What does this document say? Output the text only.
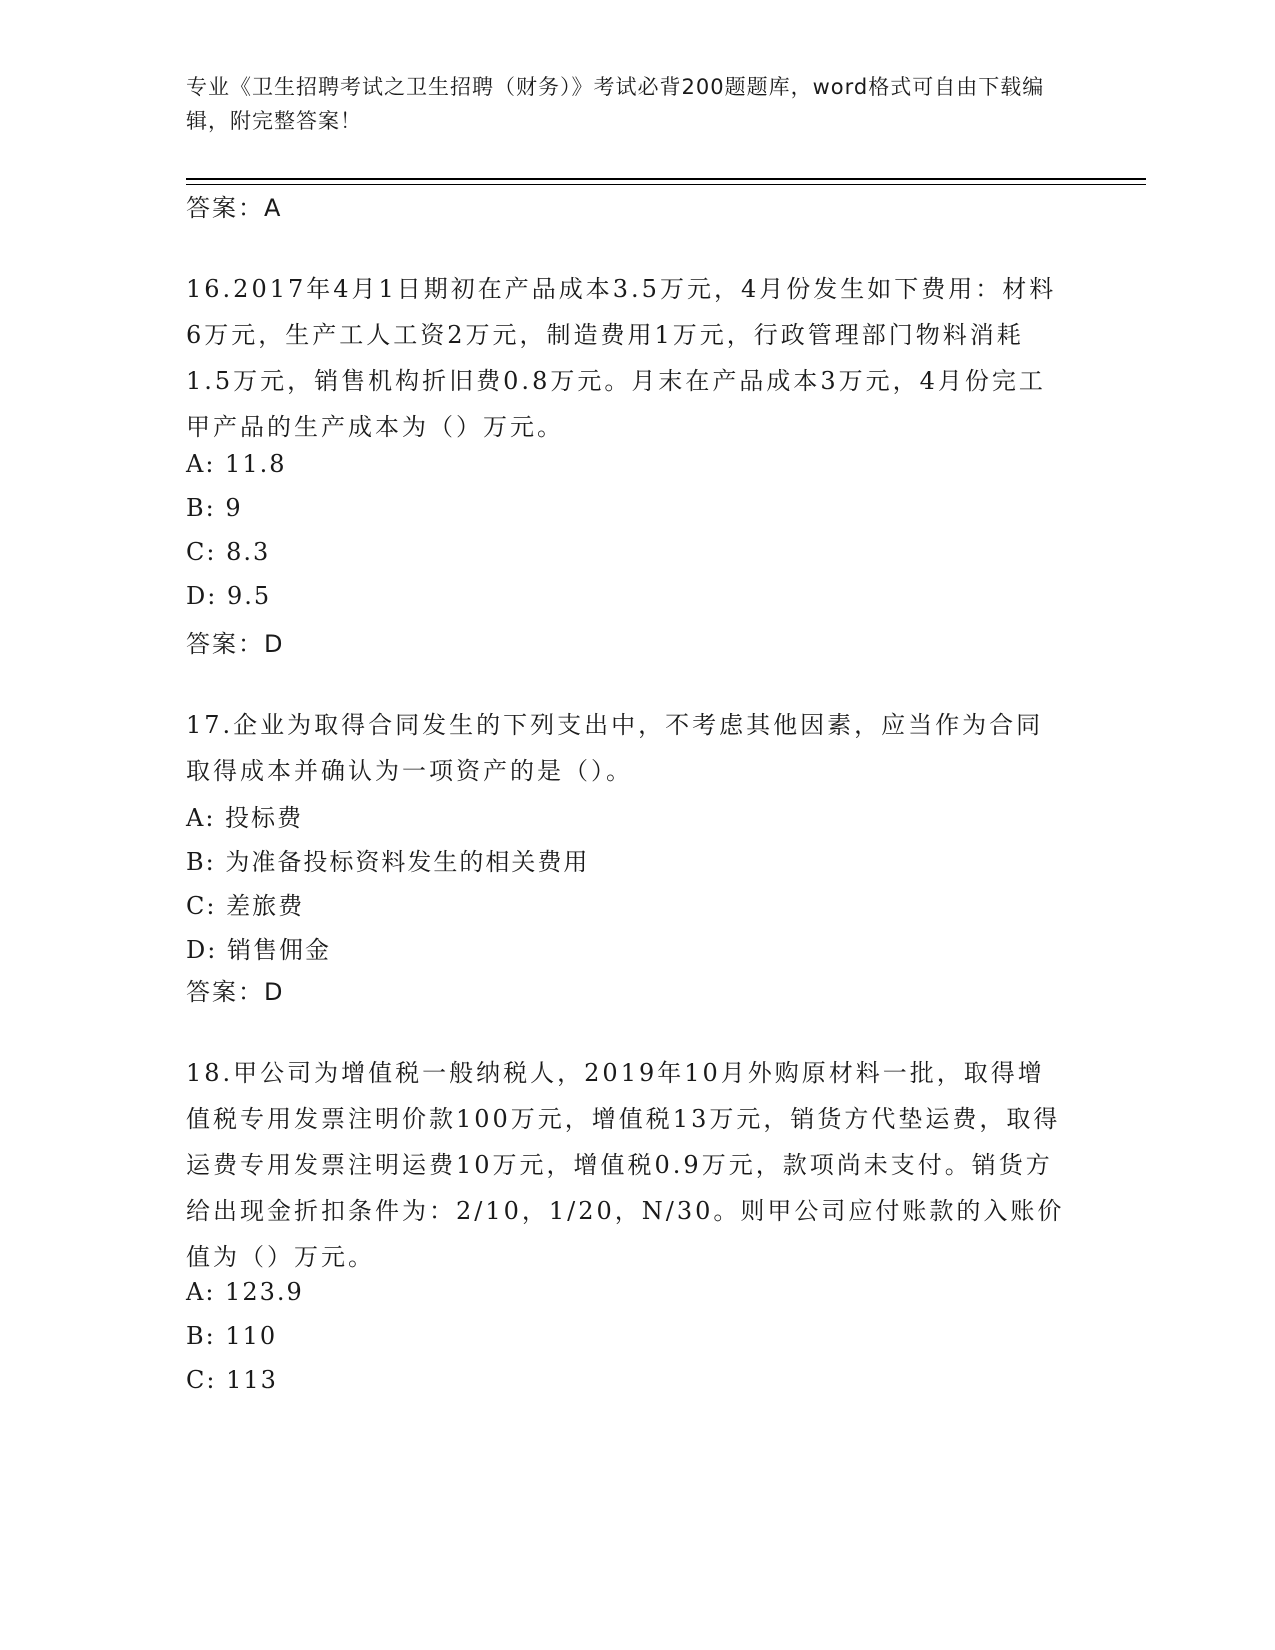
专业《卫生招聘考试之卫生招聘（财务）》考试必背200题题库，word格式可自由下载编辑，附完整答案！
答案：A
16.2017年4月1日期初在产品成本3.5万元，4月份发生如下费用：材料6万元，生产工人工资2万元，制造费用1万元，行政管理部门物料消耗1.5万元，销售机构折旧费0.8万元。月末在产品成本3万元，4月份完工甲产品的生产成本为（）万元。
A: 11.8
B: 9
C: 8.3
D: 9.5
答案：D
17.企业为取得合同发生的下列支出中，不考虑其他因素，应当作为合同取得成本并确认为一项资产的是（）。
A: 投标费
B: 为准备投标资料发生的相关费用
C: 差旅费
D: 销售佣金
答案：D
18.甲公司为增值税一般纳税人，2019年10月外购原材料一批，取得增值税专用发票注明价款100万元，增值税13万元，销货方代垫运费，取得运费专用发票注明运费10万元，增值税0.9万元，款项尚未支付。销货方给出现金折扣条件为：2/10，1/20，N/30。则甲公司应付账款的入账价值为（）万元。
A: 123.9
B: 110
C: 113
